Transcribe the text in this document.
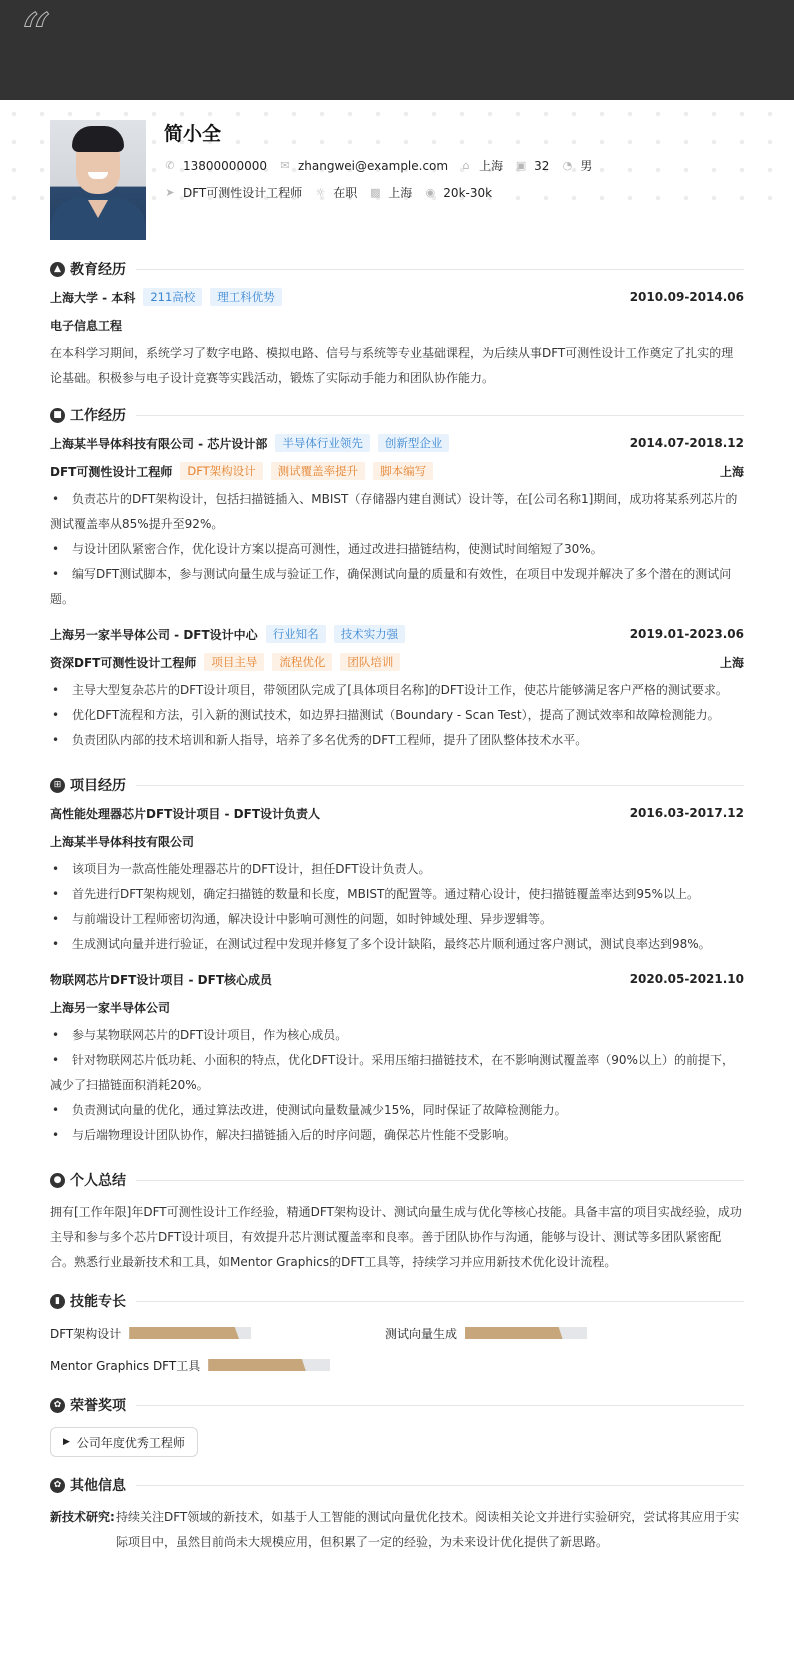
“
简小全
✆ 13800000000 ✉ zhangwei@example.com ⌂ 上海 ▣ 32 ◔ 男
➤ DFT可测性设计工程师 ☼ 在职 ▩ 上海 ◉ 20k-30k
▲ 教育经历
上海大学 - 本科	211高校	理工科优势	2010.09-2014.06
电子信息工程
在本科学习期间，系统学习了数字电路、模拟电路、信号与系统等专业基础课程，为后续从事DFT可测性设计工作奠定了扎实的理论基础。积极参与电子设计竞赛等实践活动，锻炼了实际动手能力和团队协作能力。
■ 工作经历
上海某半导体科技有限公司 - 芯片设计部	半导体行业领先	创新型企业	2014.07-2018.12
DFT可测性设计工程师	DFT架构设计	测试覆盖率提升	脚本编写	上海
• 负责芯片的DFT架构设计，包括扫描链插入、MBIST（存储器内建自测试）设计等，在[公司名称1]期间，成功将某系列芯片的测试覆盖率从85%提升至92%。
• 与设计团队紧密合作，优化设计方案以提高可测性，通过改进扫描链结构，使测试时间缩短了30%。
• 编写DFT测试脚本，参与测试向量生成与验证工作，确保测试向量的质量和有效性，在项目中发现并解决了多个潜在的测试问题。
上海另一家半导体公司 - DFT设计中心	行业知名	技术实力强	2019.01-2023.06
资深DFT可测性设计工程师	项目主导	流程优化	团队培训	上海
• 主导大型复杂芯片的DFT设计项目，带领团队完成了[具体项目名称]的DFT设计工作，使芯片能够满足客户严格的测试要求。
• 优化DFT流程和方法，引入新的测试技术，如边界扫描测试（Boundary - Scan Test），提高了测试效率和故障检测能力。
• 负责团队内部的技术培训和新人指导，培养了多名优秀的DFT工程师，提升了团队整体技术水平。
⊞ 项目经历
高性能处理器芯片DFT设计项目 - DFT设计负责人	2016.03-2017.12
上海某半导体科技有限公司
• 该项目为一款高性能处理器芯片的DFT设计，担任DFT设计负责人。
• 首先进行DFT架构规划，确定扫描链的数量和长度，MBIST的配置等。通过精心设计，使扫描链覆盖率达到95%以上。
• 与前端设计工程师密切沟通，解决设计中影响可测性的问题，如时钟域处理、异步逻辑等。
• 生成测试向量并进行验证，在测试过程中发现并修复了多个设计缺陷，最终芯片顺利通过客户测试，测试良率达到98%。
物联网芯片DFT设计项目 - DFT核心成员	2020.05-2021.10
上海另一家半导体公司
• 参与某物联网芯片的DFT设计项目，作为核心成员。
• 针对物联网芯片低功耗、小面积的特点，优化DFT设计。采用压缩扫描链技术，在不影响测试覆盖率（90%以上）的前提下，减少了扫描链面积消耗20%。
• 负责测试向量的优化，通过算法改进，使测试向量数量减少15%，同时保证了故障检测能力。
• 与后端物理设计团队协作，解决扫描链插入后的时序问题，确保芯片性能不受影响。
● 个人总结
拥有[工作年限]年DFT可测性设计工作经验，精通DFT架构设计、测试向量生成与优化等核心技能。具备丰富的项目实战经验，成功主导和参与多个芯片DFT设计项目，有效提升芯片测试覆盖率和良率。善于团队协作与沟通，能够与设计、测试等多团队紧密配合。熟悉行业最新技术和工具，如Mentor Graphics的DFT工具等，持续学习并应用新技术优化设计流程。
▮ 技能专长
DFT架构设计	测试向量生成
Mentor Graphics DFT工具
✿ 荣誉奖项
▶ 公司年度优秀工程师
✿ 其他信息
新技术研究: 持续关注DFT领域的新技术，如基于人工智能的测试向量优化技术。阅读相关论文并进行实验研究，尝试将其应用于实际项目中，虽然目前尚未大规模应用，但积累了一定的经验，为未来设计优化提供了新思路。
